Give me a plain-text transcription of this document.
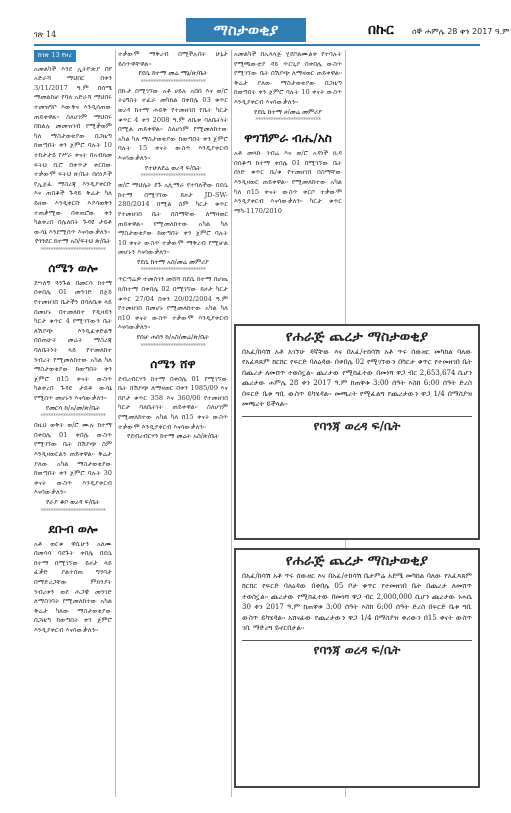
ገጽ 14	ማስታወቂያ	በኩር ሰኞ ሐምሌ 28 ቀን 2017 ዓ.ም
ከገጽ 13 የዞረ

አመልካች እንደ ኢትዮጵያ በየ አድራሻ ማህበር በቀን 3/11/2017 ዓ.ም በሰሜ ማመልከቻ የባለ አድራሻ ማህበሩ ተመዝግቦ እውቅና እንዲሰጠው ጠይቀዋል፡፡ ስለሆነም ማህበሩ በከልሉ መመዝገብ የሚቃወም ካለ ማስታወቂያው በጋዜጣ ከወጣበት ቀን ጀምሮ ባሉት 10 ተከታታይ የሥራ ቀናት በአብክመ ፍትህ ቢሮ በቀጥታ ቀርበው ተቃውሞ ፍትህ ጽ/ቤት በሰነዶች የኢጀፈ ማስረጃ እንዲያቀርቡ እና ጠበቆች ጉዳይ ቅሬታ ካለ ይዘው እንዲቀርቡ እያሳወቅን ተጠቃሚው በቀጠሮው ቀን ካልቀረበ በሌለበት ጉዳዩ ታይቶ ውሳኔ እንደሚሰጥ እናሳውቃለን፡፡

የጎንደር ከተማ አስ/ፍትህ ጽ/ቤት
**************************
ሰሜን ወሎ

ደሣለኝ ጓንጉል በመርሳ ከተማ በቀበሌ 01 መንገድ በጀይ የተመዘገበ ቤታችን በባለቤቱ ላይ በመሆኑ በተመለከተ የዲዛይን ካርታ ቁጥር 4 የሚገኘውን ቤት ለሽያጭ እንዲፈቀድልኝ በሰጠሁት መሬት ማስረጃ ባለቤትነት ላይ የተመለከተ ንብረት የሚመለከተው አካል ካለ ማስታወቂያው ከወጣበት ቀን ጀምሮ በ15 ቀናት ውስጥ ካልቀረበ ጉዳዩ ታይቶ ውሳኔ የሚሰጥ መሆኑን እናሳውቃለን፡፡

የመርሳ ከ/አ/መ/ጽ/ቤት
**************************

በዚህ ወቅት ወ/ሮ ሙሉ ከተማ በቀበሌ 01 ቀበሌ ውስጥ የሚገኘው ቤት በሽያጭ ስም እንዲዛወርልን ጠይቀዋል፡፡ ቅሬታ ያለው አካል ማስታወቂያው ከወጣበት ቀን ጀምሮ ባሉት 30 ቀናት ውስጥ እንዲያቀርብ እናሳውቃለን፡፡

የራያ ቆቦ ወረዳ ፍ/ቤት
**************************
ደቡብ ወሎ

አቶ ወርቁ ዋሲሁን አለሙ በመሳሳ ባደጉት ቀበሌ በደሴ ከተማ በሚገኘው ይዞታ ላይ ፈቃድ ያልተሰጠ ግንባታ በማድረጋቸው ምክንያት ንብረቱን ወደ ሕጋዊ መንገድ ለማስገባት የሚመለከተው አካል ቅሬታ ካለው ማስታወቂያው በጋዜጣ ከወጣበት ቀን ጀምሮ እንዲያቀርብ እናሳውቃለን፡፡

ተቃውሞ ማቅረብ በሚችሉበት ሁኔታ ይሰጥዋቸዋል፡፡

የደሴ ከተማ መሬ ማኔ/ጽ/ቤት
**************************

በኩታ በሚገኘው አቶ ሀይሉ አበበ እና ወ/ሮ ትዕግስት ተፈራ መካከል በቀበሌ 03 ቁጥር ወረዳ ከተማ ሐይቅ የተመዘገበ የቤት ካርታ ቁጥር 4 ቀን 2008 ዓ.ም ለቤቱ ባለቤትነት በሚል ጠይቀዋል፡፡ ስለሆነም የሚመለከተው አካል ካለ ማስታወቂያው ከወጣበት ቀን ጀምሮ ባሉት 15 ቀናት ውስጥ እንዲያቀርብ እናሳውቃለን፡፡

የተሁለደሬ ወረዳ ፍ/ቤት
**************************

ወ/ሮ ማህሌት ደጉ አሊማራ የተባለችው በደሴ ከተማ በሚገኘው ይዞታ JD-SW-280/2014 በሚል ስም ካርታ ቁጥር የተመዘገበ ቤት በስማቸው ለማዛወር ጠይቀዋል፡፡ የሚመለከተው አካል ካለ ማስታወቂያው ከወጣበት ቀን ጀምሮ ባሉት 10 ቀናት ውስጥ ተቃውሞ ማቅረብ የሚቻል መሆኑን እናሳውቃለን፡፡

የደሴ ከተማ አስ/መሬ መምሪያ
**************************

ጥርጣሬዎ ተመስገን መሸሻ በደሴ ከተማ በሆጤ ክ/ከተማ በቀበሌ 02 በሚገኘው ይዞታ ካርታ ቁጥር 27/04 በቀን 20/02/2004 ዓ.ም የተመዘገበ በመሆኑ የሚመለከተው አካል ካለ በ10 ቀናት ውስጥ ተቃውሞ እንዲያቀርብ እናሳውቃለን፡፡

የሰቻ ሐሰን ከ/አስ/መሬ/ጽ/ቤት
**************************
ሰሜን ሸዋ

ደብረብርሃን ከተማ በቀበሌ 01 የሚገኘው ቤት በሽያጭ ለማዛወር በቀን 1985/09 እና በቦታ ቁጥር 358 እና 360/06 የተመዘገበ ካርታ ባለቤትነት ጠይቀዋል፡፡ ስለሆነም የሚመለከተው አካል ካለ በ15 ቀናት ውስጥ ተቃውሞ እንዲያቀርብ እናሳውቃለን፡፡

የደብረብርሃን ከተማ መሬት አስ/ጽ/ቤት

አመልካች በኡላላጅ ሂደቦልሙልቀ የተባሉት የሚጫውቲያ ዳይ ጥርጊያ በቀበሌ ውስጥ የሚገኘው ቤት በሽያጭ ለማዛወር ጠይቀዋል፡፡ ቅሬታ ያለው ማስታወቂያው በጋዜጣ ከወጣበት ቀን ጀምሮ ባሉት 10 ቀናት ውስጥ እንዲያቀርብ እናሳውቃለን፡፡

የደሴ ከተማ ዞ/መሬ መምሪያ
**************************
ዋግኽምራ ብሔ/አስ

አቶ መላኩ ገብሬ እና ወ/ሮ አዳነች ኪዳ በሰቆጣ ከተማ ቀበሌ 01 በሚገኘው ቤት ሰነድ ቁጥር ቤ/ቁ የተመዘገበ በስማቸው እንዲዛወር ጠይቀዋል፡፡ የሚመለከተው አካል ካለ በ15 ቀናት ውስጥ ቀርቦ ተቃውሞ እንዲያቀርብ እናሳውቃለን፡፡ ካርታ ቁጥር ማካ-1170/2010

የሐራጅ ጨረታ ማስታወቂያ
በአፈ/ከሳሽ አቶ አገኘሁ ዳኛቸው እና በአፈ/ተከሳሽ አቶ ጥሩ ሰውዘር መካከል ባለው የአፈጻጸም ክርክር የፍርድ ባለዕዳው በቀበሌ 02 የሚገኘውን በካርታ ቁጥር የተመዘገበ ቤት በጨረታ ለመሸጥ ተወስኗል፡፡ ጨረታው የሚከፈተው በመነሻ ዋጋ ብር 2,653,674 ሲሆን ጨረታው ሐምሌ 28 ቀን 2017 ዓ.ም ከጠዋቱ 3:00 ሰዓት እስከ 6:00 ሰዓት ድረስ በፍርድ ቤቱ ግቢ ውስጥ ይካሄዳል፡፡ መጫረት የሚፈልግ የጨረታውን ዋጋ 1/4 በማስያዝ መጫረት ይችላል፡፡
የባንጃ ወረዳ ፍ/ቤት
የሐራጅ ጨረታ ማስታወቂያ
በአፈ/ከሳሽ አቶ ጥሩ ሰውዘር እና በአፈ/ተከሳሽ ቤታምሬ አደሜ መካከል ባለው የአፈጻጸም ክርክር የፍርድ ባለዕዳው በቀበሌ 05 ቦታ ቁጥር የተመዘገበ ቤት በጨረታ ለመሸጥ ተወስኗል፡፡ ጨረታው የሚከፈተው በመነሻ ዋጋ ብር 2,000,000 ሲሆን ጨረታው ነሐሴ 30 ቀን 2017 ዓ.ም ከጠዋቱ 3:00 ሰዓት እስከ 6:00 ሰዓት ድረስ በፍርድ ቤቱ ግቢ ውስጥ ይካሄዳል፡፡ አሸናፊው የጨረታውን ዋጋ 1/4 በማስያዝ ቀሪውን በ15 ቀናት ውስጥ ገቢ ማድረግ ይኖርበታል፡፡
የባንጃ ወረዳ ፍ/ቤት
